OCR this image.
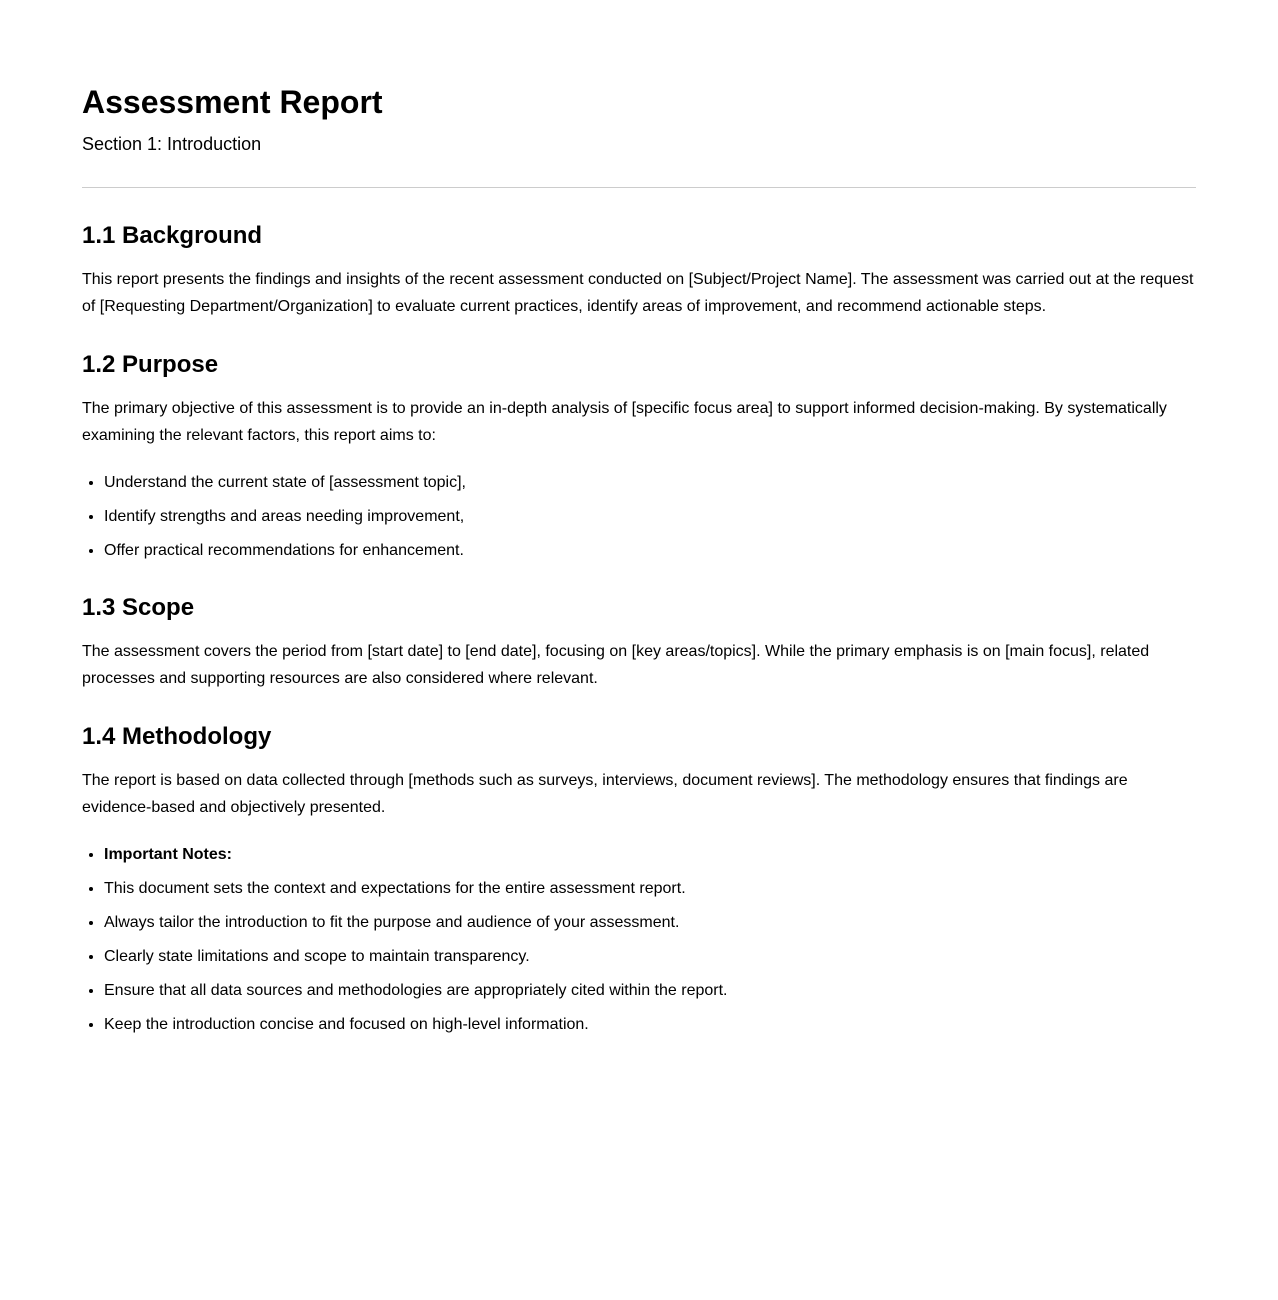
Assessment Report
Section 1: Introduction
1.1 Background

This report presents the findings and insights of the recent assessment conducted on [Subject/Project Name]. The assessment was carried out at the request of [Requesting Department/Organization] to evaluate current practices, identify areas of improvement, and recommend actionable steps.

1.2 Purpose

The primary objective of this assessment is to provide an in-depth analysis of [specific focus area] to support informed decision-making. By systematically examining the relevant factors, this report aims to:

• Understand the current state of [assessment topic],
• Identify strengths and areas needing improvement,
• Offer practical recommendations for enhancement.
1.3 Scope

The assessment covers the period from [start date] to [end date], focusing on [key areas/topics]. While the primary emphasis is on [main focus], related processes and supporting resources are also considered where relevant.

1.4 Methodology

The report is based on data collected through [methods such as surveys, interviews, document reviews]. The methodology ensures that findings are evidence-based and objectively presented.

• Important Notes:
• This document sets the context and expectations for the entire assessment report.
• Always tailor the introduction to fit the purpose and audience of your assessment.
• Clearly state limitations and scope to maintain transparency.
• Ensure that all data sources and methodologies are appropriately cited within the report.
• Keep the introduction concise and focused on high-level information.
